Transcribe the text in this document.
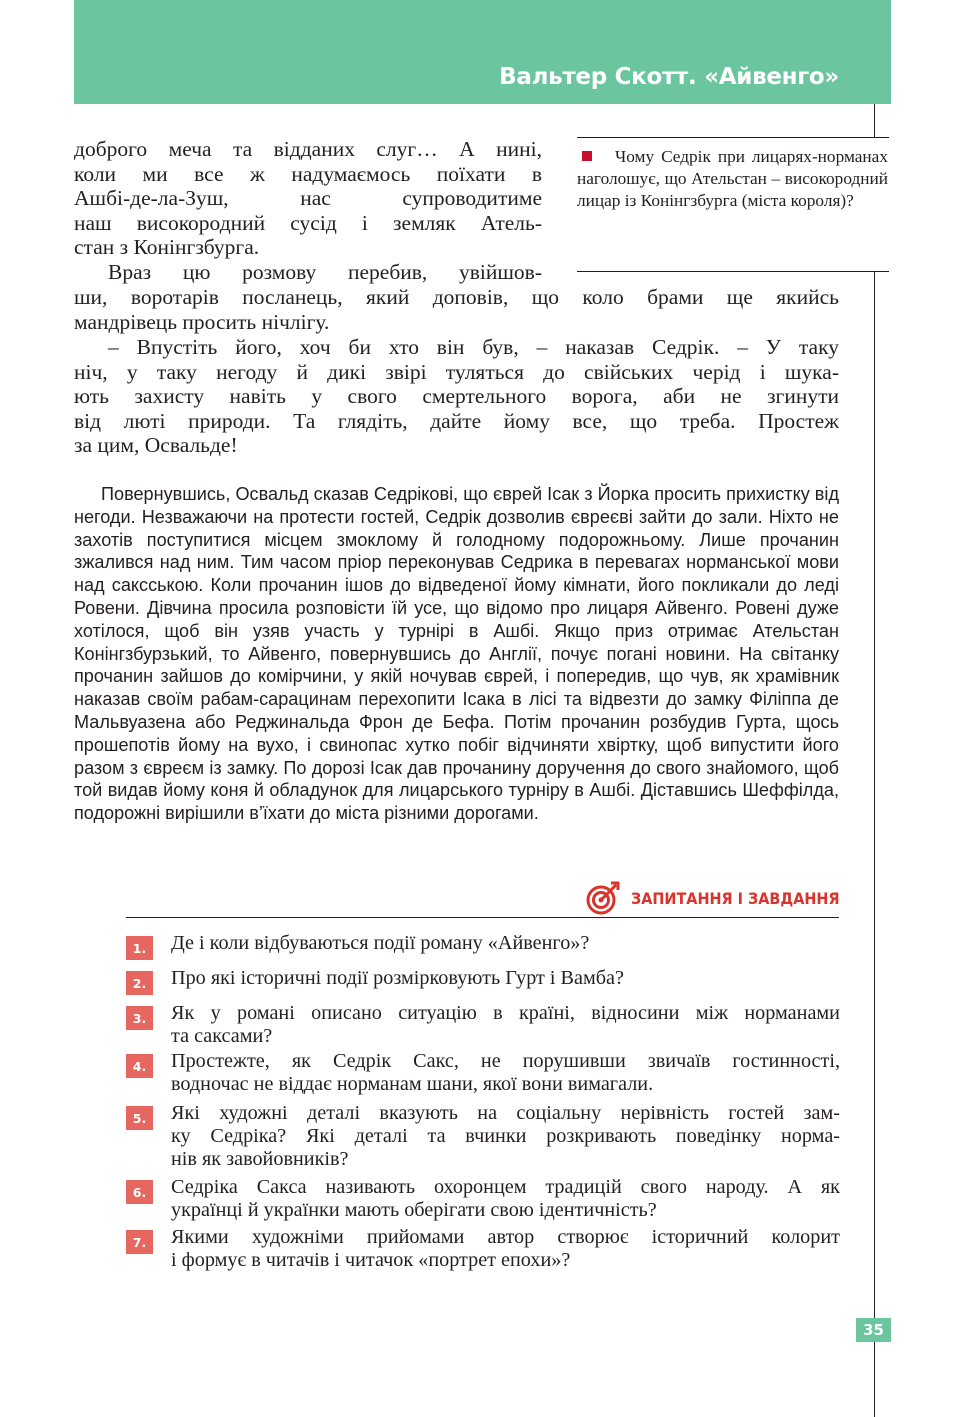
Вальтер Скотт. «Айвенго»

Чому Седрік при лицарях-норманах наголошує, що Ательстан – високородний лицар із Конінгзбурга (міста короля)?

доброго меча та відданих слуг… А нині,
коли ми все ж надумаємось поїхати в
Ашбі-де-ла-Зуш, нас супроводитиме
наш високородний сусід і земляк Атель-
стан з Конінгзбурга.

Враз цю розмову перебив, увійшов-

ши, воротарів посланець, який доповів, що коло брами ще якийсь
мандрівець просить нічлігу.

– Впустіть його, хоч би хто він був, – наказав Седрік. – У таку
ніч, у таку негоду й дикі звірі туляться до свійських черід і шука-
ють захисту навіть у свого смертельного ворога, аби не згинути
від люті природи. Та глядіть, дайте йому все, що треба. Простеж
за цим, Освальде!

Повернувшись, Освальд сказав Седрікові, що єврей Ісак з Йорка просить прихистку від негоди. Незважаючи на протести гостей, Седрік дозволив євреєві зайти до зали. Ніхто не захотів поступитися місцем змоклому й голодному подорожньому. Лише прочанин зжалився над ним. Тим часом пріор переконував Седрика в перевагах норманської мови над саксською. Коли прочанин ішов до відведеної йому кімнати, його покликали до леді Ровени. Дівчина просила розповісти їй усе, що відомо про лицаря Айвенго. Ровені дуже хотілося, щоб він узяв участь у турнірі в Ашбі. Якщо приз отримає Ательстан Конінгзбурзький, то Айвенго, повернувшись до Англії, почує погані новини. На світанку прочанин зайшов до комірчини, у якій ночував єврей, і попередив, що чув, як храмівник наказав своїм рабам-сарацинам перехопити Ісака в лісі та відвезти до замку Філіппа де Мальвуазена або Реджинальда Фрон де Бефа. Потім прочанин розбудив Гурта, щось прошепотів йому на вухо, і свинопас хутко побіг відчиняти хвіртку, щоб випустити його разом з євреєм із замку. По дорозі Ісак дав прочанину доручення до свого знайомого, щоб той видав йому коня й обладунок для лицарського турніру в Ашбі. Діставшись Шеффілда, подорожні вирішили в’їхати до міста різними дорогами.

ЗАПИТАННЯ І ЗАВДАННЯ
1.	Де і коли відбуваються події роману «Айвенго»?

2.	Про які історичні події розмірковують Гурт і Вамба?

3.	Як у романі описано ситуацію в країні, відносини між норманами
та саксами?

4.	Простежте, як Седрік Сакс, не порушивши звичаїв гостинності,
водночас не віддає норманам шани, якої вони вимагали.

5.	Які художні деталі вказують на соціальну нерівність гостей зам-
ку Седріка? Які деталі та вчинки розкривають поведінку норма-
нів як завойовників?

6.	Седріка Сакса називають охоронцем традицій свого народу. А як
українці й українки мають оберігати свою ідентичність?

7.	Якими художніми прийомами автор створює історичний колорит
і формує в читачів і читачок «портрет епохи»?

35
